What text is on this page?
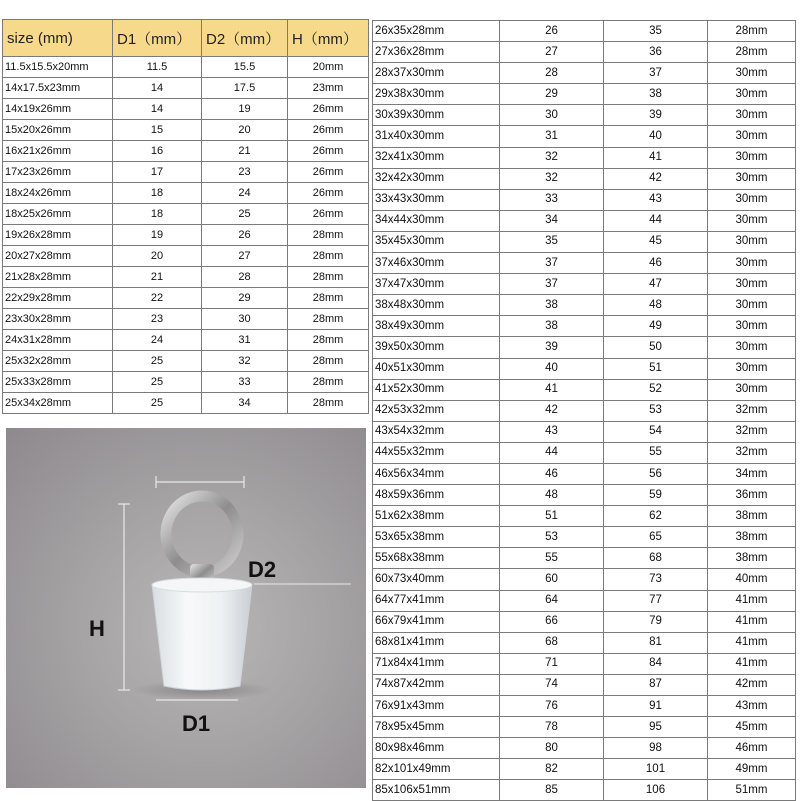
size (mm)	D1（mm）	D2（mm）	H（mm）
11.5x15.5x20mm	11.5	15.5	20mm
14x17.5x23mm	14	17.5	23mm
14x19x26mm	14	19	26mm
15x20x26mm	15	20	26mm
16x21x26mm	16	21	26mm
17x23x26mm	17	23	26mm
18x24x26mm	18	24	26mm
18x25x26mm	18	25	26mm
19x26x28mm	19	26	28mm
20x27x28mm	20	27	28mm
21x28x28mm	21	28	28mm
22x29x28mm	22	29	28mm
23x30x28mm	23	30	28mm
24x31x28mm	24	31	28mm
25x32x28mm	25	32	28mm
25x33x28mm	25	33	28mm
25x34x28mm	25	34	28mm
26x35x28mm	26	35	28mm
27x36x28mm	27	36	28mm
28x37x30mm	28	37	30mm
29x38x30mm	29	38	30mm
30x39x30mm	30	39	30mm
31x40x30mm	31	40	30mm
32x41x30mm	32	41	30mm
32x42x30mm	32	42	30mm
33x43x30mm	33	43	30mm
34x44x30mm	34	44	30mm
35x45x30mm	35	45	30mm
37x46x30mm	37	46	30mm
37x47x30mm	37	47	30mm
38x48x30mm	38	48	30mm
38x49x30mm	38	49	30mm
39x50x30mm	39	50	30mm
40x51x30mm	40	51	30mm
41x52x30mm	41	52	30mm
42x53x32mm	42	53	32mm
43x54x32mm	43	54	32mm
44x55x32mm	44	55	32mm
46x56x34mm	46	56	34mm
48x59x36mm	48	59	36mm
51x62x38mm	51	62	38mm
53x65x38mm	53	65	38mm
55x68x38mm	55	68	38mm
60x73x40mm	60	73	40mm
64x77x41mm	64	77	41mm
66x79x41mm	66	79	41mm
68x81x41mm	68	81	41mm
71x84x41mm	71	84	41mm
74x87x42mm	74	87	42mm
76x91x43mm	76	91	43mm
78x95x45mm	78	95	45mm
80x98x46mm	80	98	46mm
82x101x49mm	82	101	49mm
85x106x51mm	85	106	51mm
H
D2
D1
